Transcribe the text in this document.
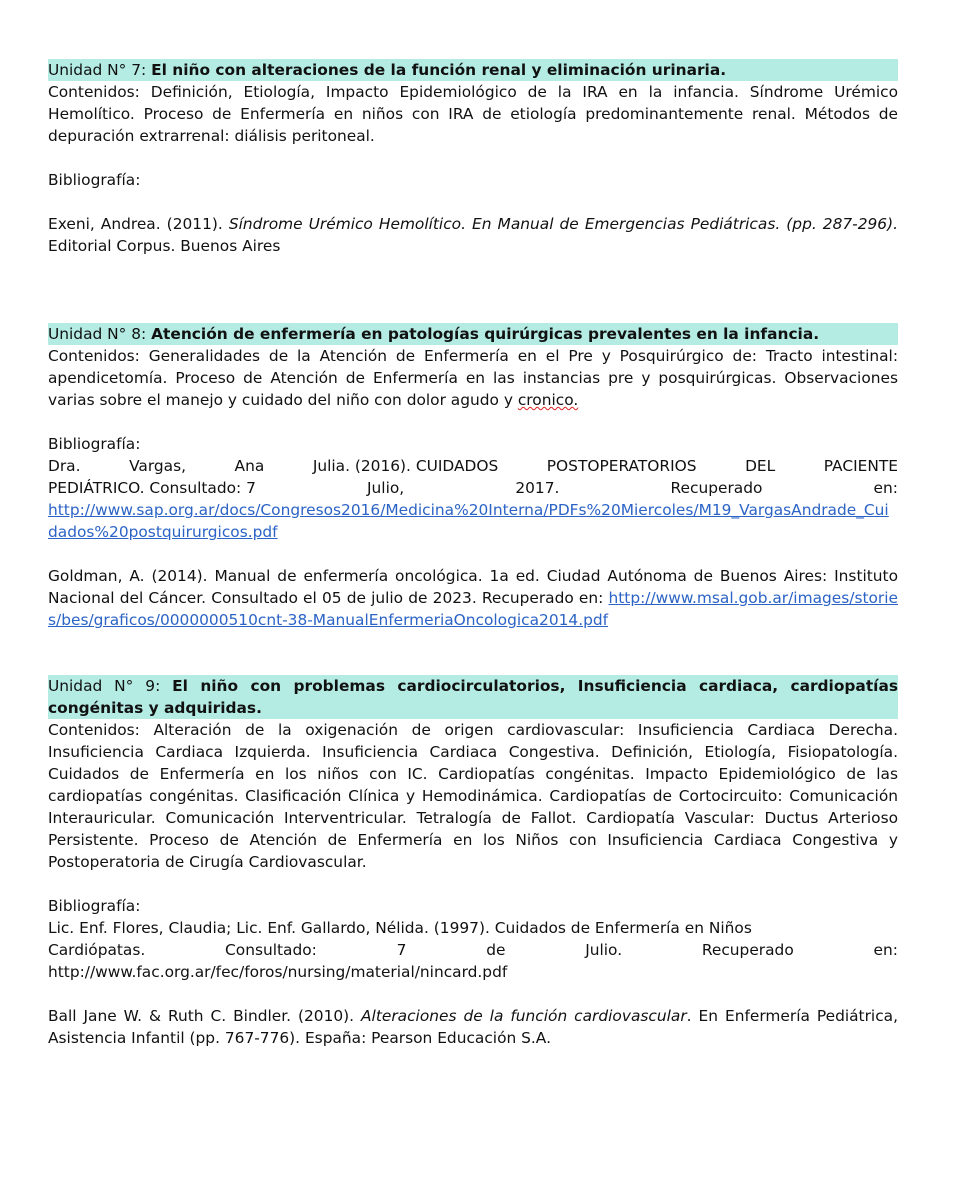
Unidad N° 7: El niño con alteraciones de la función renal y eliminación urinaria.
Contenidos: Definición, Etiología, Impacto Epidemiológico de la IRA en la infancia. Síndrome Urémico Hemolítico. Proceso de Enfermería en niños con IRA de etiología predominantemente renal. Métodos de depuración extrarrenal: diálisis peritoneal.
Bibliografía:
Exeni, Andrea. (2011). Síndrome Urémico Hemolítico. En Manual de Emergencias Pediátricas. (pp. 287-296). Editorial Corpus. Buenos Aires
Unidad N° 8: Atención de enfermería en patologías quirúrgicas prevalentes en la infancia.
Contenidos: Generalidades de la Atención de Enfermería en el Pre y Posquirúrgico de: Tracto intestinal: apendicetomía. Proceso de Atención de Enfermería en las instancias pre y posquirúrgicas. Observaciones varias sobre el manejo y cuidado del niño con dolor agudo y cronico.
Bibliografía:
Dra.	Vargas,	Ana	Julia. (2016). CUIDADOS	POSTOPERATORIOS	DEL	PACIENTE
PEDIÁTRICO. Consultado: 7	Julio,	2017.	Recuperado	en:
http://www.sap.org.ar/docs/Congresos2016/Medicina%20Interna/PDFs%20Miercoles/M19_VargasAndrade_Cuidados%20postquirurgicos.pdf
Goldman, A. (2014). Manual de enfermería oncológica. 1a ed. Ciudad Autónoma de Buenos Aires: Instituto Nacional del Cáncer. Consultado el 05 de julio de 2023. Recuperado en: http://www.msal.gob.ar/images/stories/bes/graficos/0000000510cnt-38-ManualEnfermeriaOncologica2014.pdf
Unidad N° 9: El niño con problemas cardiocirculatorios, Insuficiencia cardiaca, cardiopatías congénitas y adquiridas.
Contenidos: Alteración de la oxigenación de origen cardiovascular: Insuficiencia Cardiaca Derecha. Insuficiencia Cardiaca Izquierda. Insuficiencia Cardiaca Congestiva. Definición, Etiología, Fisiopatología. Cuidados de Enfermería en los niños con IC. Cardiopatías congénitas. Impacto Epidemiológico de las cardiopatías congénitas. Clasificación Clínica y Hemodinámica. Cardiopatías de Cortocircuito: Comunicación Interauricular. Comunicación Interventricular. Tetralogía de Fallot. Cardiopatía Vascular: Ductus Arterioso Persistente. Proceso de Atención de Enfermería en los Niños con Insuficiencia Cardiaca Congestiva y Postoperatoria de Cirugía Cardiovascular.
Bibliografía:
Lic. Enf. Flores, Claudia; Lic. Enf. Gallardo, Nélida. (1997). Cuidados de Enfermería en Niños
Cardiópatas.	Consultado:	7	de	Julio.	Recuperado	en:
http://www.fac.org.ar/fec/foros/nursing/material/nincard.pdf
Ball Jane W. & Ruth C. Bindler. (2010). Alteraciones de la función cardiovascular. En Enfermería Pediátrica, Asistencia Infantil (pp. 767-776). España: Pearson Educación S.A.
